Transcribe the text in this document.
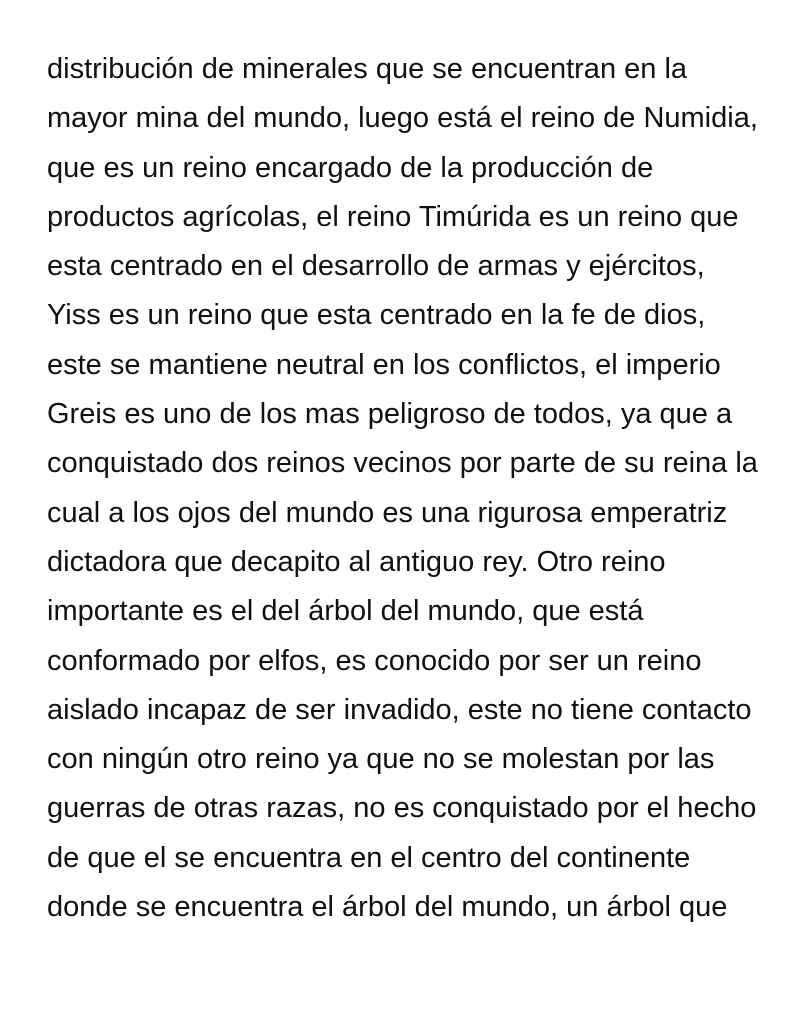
distribución de minerales que se encuentran en la
mayor mina del mundo, luego está el reino de Numidia,
que es un reino encargado de la producción de
productos agrícolas, el reino Timúrida es un reino que
esta centrado en el desarrollo de armas y ejércitos,
Yiss es un reino que esta centrado en la fe de dios,
este se mantiene neutral en los conflictos, el imperio
Greis es uno de los mas peligroso de todos, ya que a
conquistado dos reinos vecinos por parte de su reina la
cual a los ojos del mundo es una rigurosa emperatriz
dictadora que decapito al antiguo rey. Otro reino
importante es el del árbol del mundo, que está
conformado por elfos, es conocido por ser un reino
aislado incapaz de ser invadido, este no tiene contacto
con ningún otro reino ya que no se molestan por las
guerras de otras razas, no es conquistado por el hecho
de que el se encuentra en el centro del continente
donde se encuentra el árbol del mundo, un árbol que
